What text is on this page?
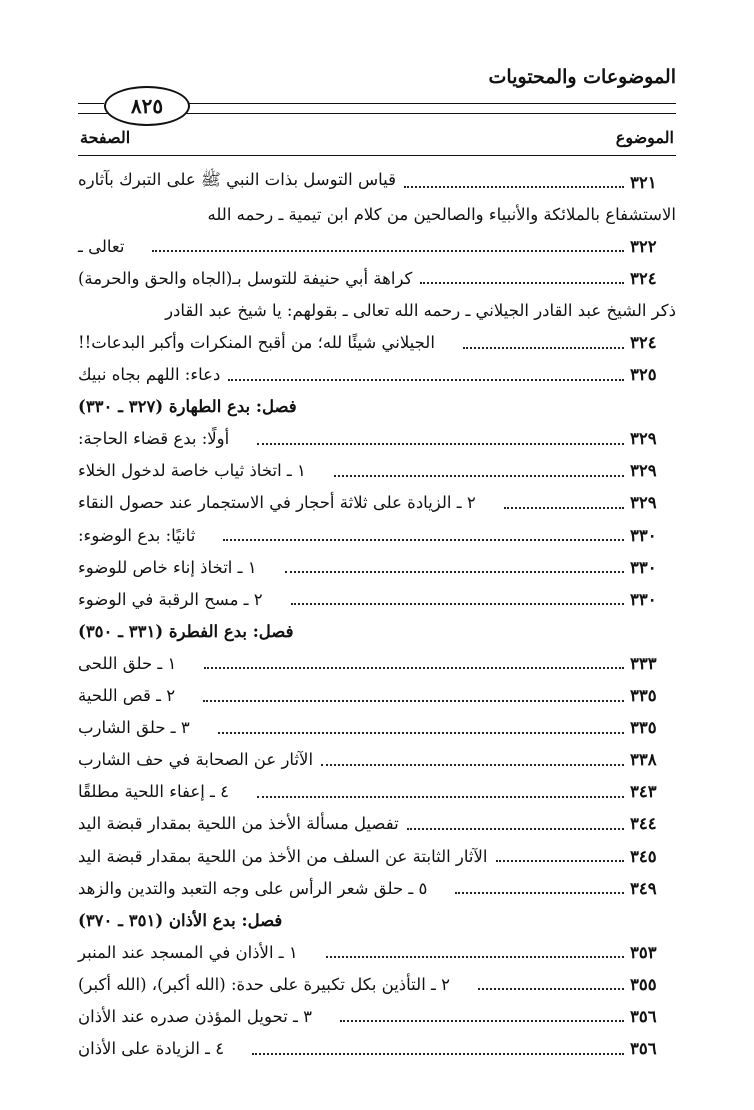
الموضوعات والمحتويات
٨٢٥
الموضوع
الصفحة
قياس التوسل بذات النبي ﷺ على التبرك بآثاره	٣٢١
الاستشفاع بالملائكة والأنبياء والصالحين من كلام ابن تيمية ـ رحمه الله
تعالى ـ	٣٢٢
كراهة أبي حنيفة للتوسل بـ(الجاه والحق والحرمة)	٣٢٤
ذكر الشيخ عبد القادر الجيلاني ـ رحمه الله تعالى ـ بقولهم: يا شيخ عبد القادر
الجيلاني شيئًا لله؛ من أقبح المنكرات وأكبر البدعات!!	٣٢٤
دعاء: اللهم بجاه نبيك	٣٢٥
فصل: بدع الطهارة (٣٢٧ ـ ٣٣٠)
أولًا: بدع قضاء الحاجة:	٣٢٩
١ ـ اتخاذ ثياب خاصة لدخول الخلاء	٣٢٩
٢ ـ الزيادة على ثلاثة أحجار في الاستجمار عند حصول النقاء	٣٢٩
ثانيًا: بدع الوضوء:	٣٣٠
١ ـ اتخاذ إناء خاص للوضوء	٣٣٠
٢ ـ مسح الرقبة في الوضوء	٣٣٠
فصل: بدع الفطرة (٣٣١ ـ ٣٥٠)
١ ـ حلق اللحى	٣٣٣
٢ ـ قص اللحية	٣٣٥
٣ ـ حلق الشارب	٣٣٥
الآثار عن الصحابة في حف الشارب	٣٣٨
٤ ـ إعفاء اللحية مطلقًا	٣٤٣
تفصيل مسألة الأخذ من اللحية بمقدار قبضة اليد	٣٤٤
الآثار الثابتة عن السلف من الأخذ من اللحية بمقدار قبضة اليد	٣٤٥
٥ ـ حلق شعر الرأس على وجه التعبد والتدين والزهد	٣٤٩
فصل: بدع الأذان (٣٥١ ـ ٣٧٠)
١ ـ الأذان في المسجد عند المنبر	٣٥٣
٢ ـ التأذين بكل تكبيرة على حدة: (الله أكبر)، (الله أكبر)	٣٥٥
٣ ـ تحويل المؤذن صدره عند الأذان	٣٥٦
٤ ـ الزيادة على الأذان	٣٥٦
